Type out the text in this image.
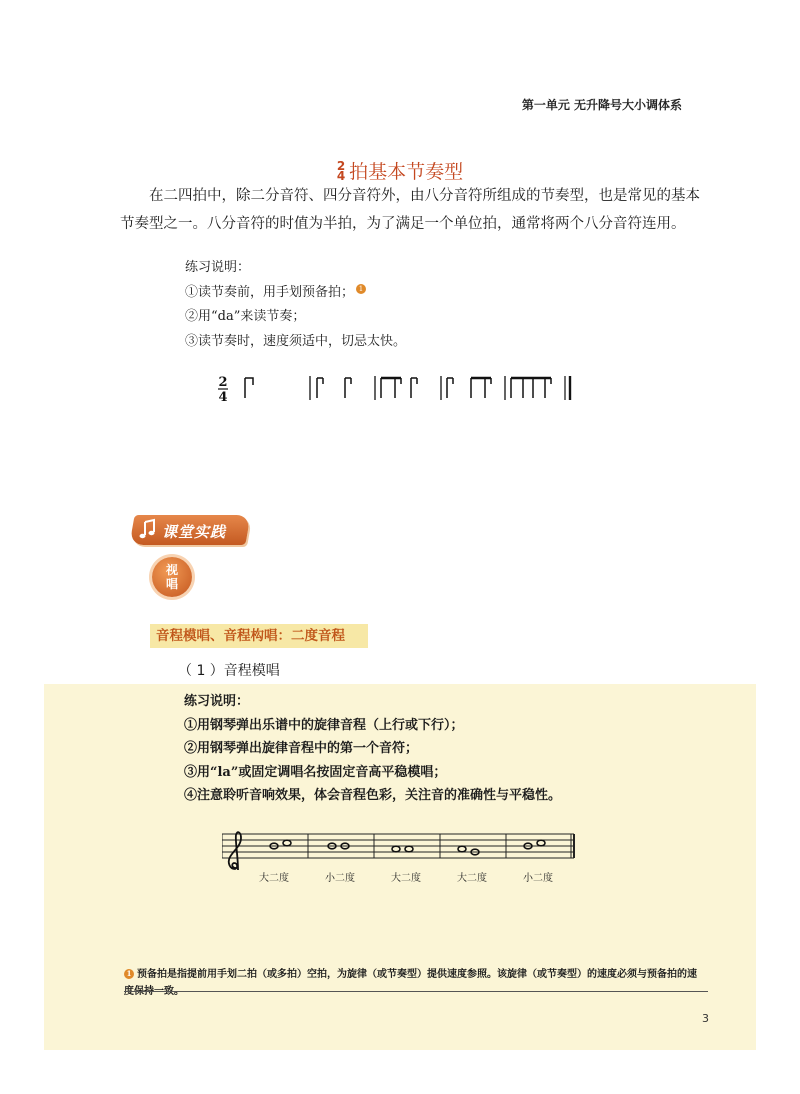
第一单元 无升降号大小调体系
2
4 拍基本节奏型

在二四拍中，除二分音符、四分音符外，由八分音符所组成的节奏型，也是常见的基本节奏型之一。八分音符的时值为半拍，为了满足一个单位拍，通常将两个八分音符连用。

练习说明：
①读节奏前，用手划预备拍； 1
②用“da”来读节奏；
③读节奏时，速度须适中，切忌太快。
2
4
课堂实践
视
唱
音程模唱、音程构唱：二度音程
（ 1 ）音程模唱
练习说明：
①用钢琴弹出乐谱中的旋律音程（上行或下行）；
②用钢琴弹出旋律音程中的第一个音符；
③用“la”或固定调唱名按固定音高平稳模唱；
④注意聆听音响效果，体会音程色彩，关注音的准确性与平稳性。
大二度	小二度	大二度	大二度	小二度
1 预备拍是指提前用手划二拍（或多拍）空拍，为旋律（或节奏型）提供速度参照。该旋律（或节奏型）的速度必须与预备拍的速度保持一致。
3
